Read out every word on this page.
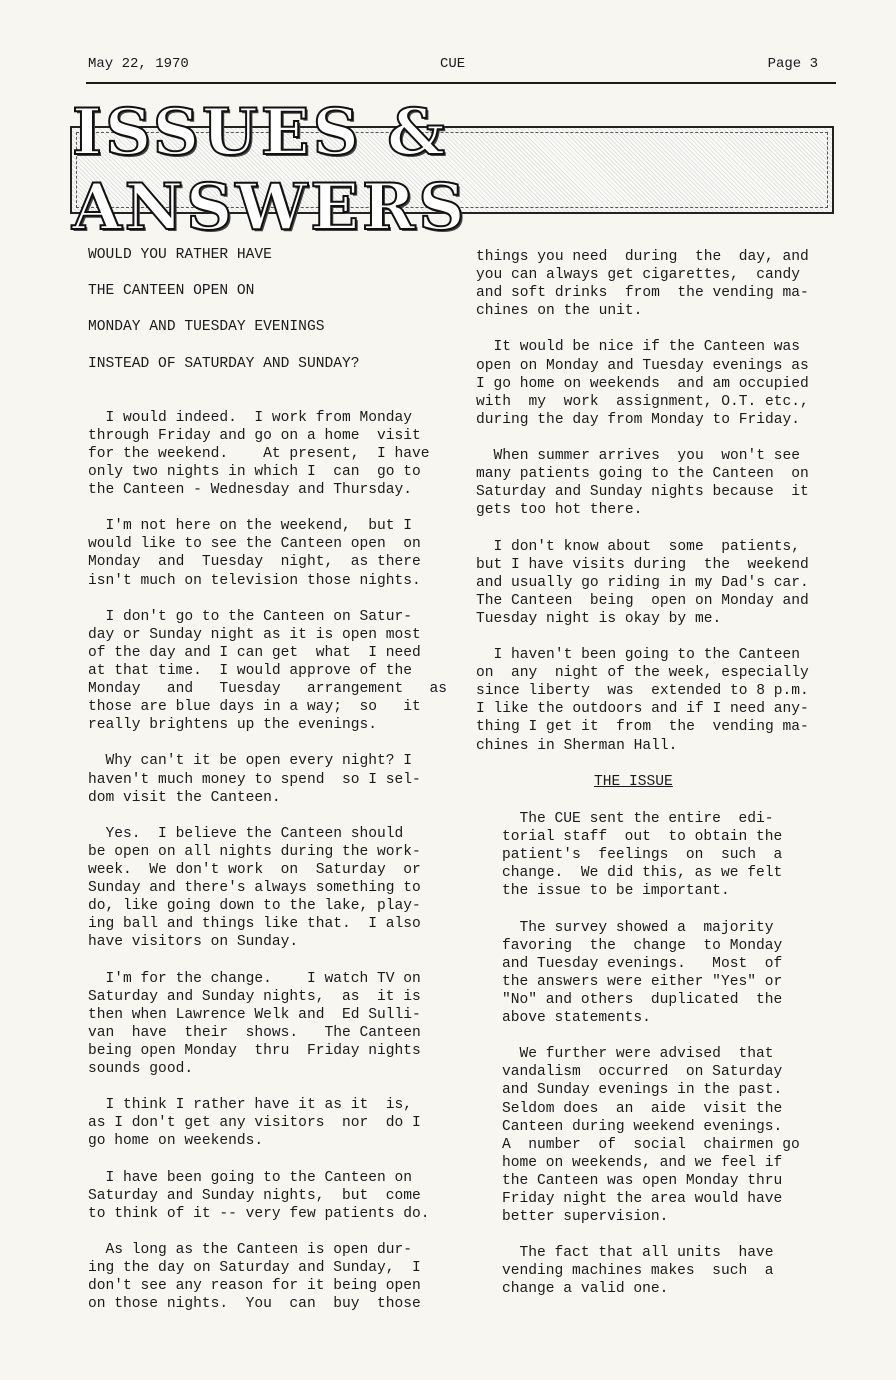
May 22, 1970	CUE	Page 3
ISSUES & ANSWERS

WOULD YOU RATHER HAVE

THE CANTEEN OPEN ON

MONDAY AND TUESDAY EVENINGS

INSTEAD OF SATURDAY AND SUNDAY?

I would indeed.  I work from Monday
through Friday and go on a home  visit
for the weekend.    At present,  I have
only two nights in which I  can  go to
the Canteen - Wednesday and Thursday.

I'm not here on the weekend,  but I
would like to see the Canteen open  on
Monday  and  Tuesday  night,  as there
isn't much on television those nights.

I don't go to the Canteen on Satur-
day or Sunday night as it is open most
of the day and I can get  what  I need
at that time.  I would approve of the
Monday   and   Tuesday   arrangement   as
those are blue days in a way;  so   it
really brightens up the evenings.

Why can't it be open every night? I
haven't much money to spend  so I sel-
dom visit the Canteen.

Yes.  I believe the Canteen should
be open on all nights during the work-
week.  We don't work  on  Saturday  or
Sunday and there's always something to
do, like going down to the lake, play-
ing ball and things like that.  I also
have visitors on Sunday.

I'm for the change.    I watch TV on
Saturday and Sunday nights,  as  it is
then when Lawrence Welk and  Ed Sulli-
van  have  their  shows.   The Canteen
being open Monday  thru  Friday nights
sounds good.

I think I rather have it as it  is,
as I don't get any visitors  nor  do I
go home on weekends.

I have been going to the Canteen on
Saturday and Sunday nights,  but  come
to think of it -- very few patients do.

As long as the Canteen is open dur-
ing the day on Saturday and Sunday,  I
don't see any reason for it being open
on those nights.  You  can  buy  those

things you need  during  the  day, and
you can always get cigarettes,  candy
and soft drinks  from  the vending ma-
chines on the unit.

It would be nice if the Canteen was
open on Monday and Tuesday evenings as
I go home on weekends  and am occupied
with  my  work  assignment, O.T. etc.,
during the day from Monday to Friday.

When summer arrives  you  won't see
many patients going to the Canteen  on
Saturday and Sunday nights because  it
gets too hot there.

I don't know about  some  patients,
but I have visits during  the  weekend
and usually go riding in my Dad's car.
The Canteen  being  open on Monday and
Tuesday night is okay by me.

I haven't been going to the Canteen
on  any  night of the week, especially
since liberty  was  extended to 8 p.m.
I like the outdoors and if I need any-
thing I get it  from  the  vending ma-
chines in Sherman Hall.

THE ISSUE

The CUE sent the entire  edi-
torial staff  out  to obtain the
patient's  feelings  on  such  a
change.  We did this, as we felt
the issue to be important.

The survey showed a  majority
favoring  the  change  to Monday
and Tuesday evenings.   Most  of
the answers were either "Yes" or
"No" and others  duplicated  the
above statements.

We further were advised  that
vandalism  occurred  on Saturday
and Sunday evenings in the past.
Seldom does  an  aide  visit the
Canteen during weekend evenings.
A  number  of  social  chairmen go
home on weekends, and we feel if
the Canteen was open Monday thru
Friday night the area would have
better supervision.

The fact that all units  have
vending machines makes  such  a
change a valid one.
